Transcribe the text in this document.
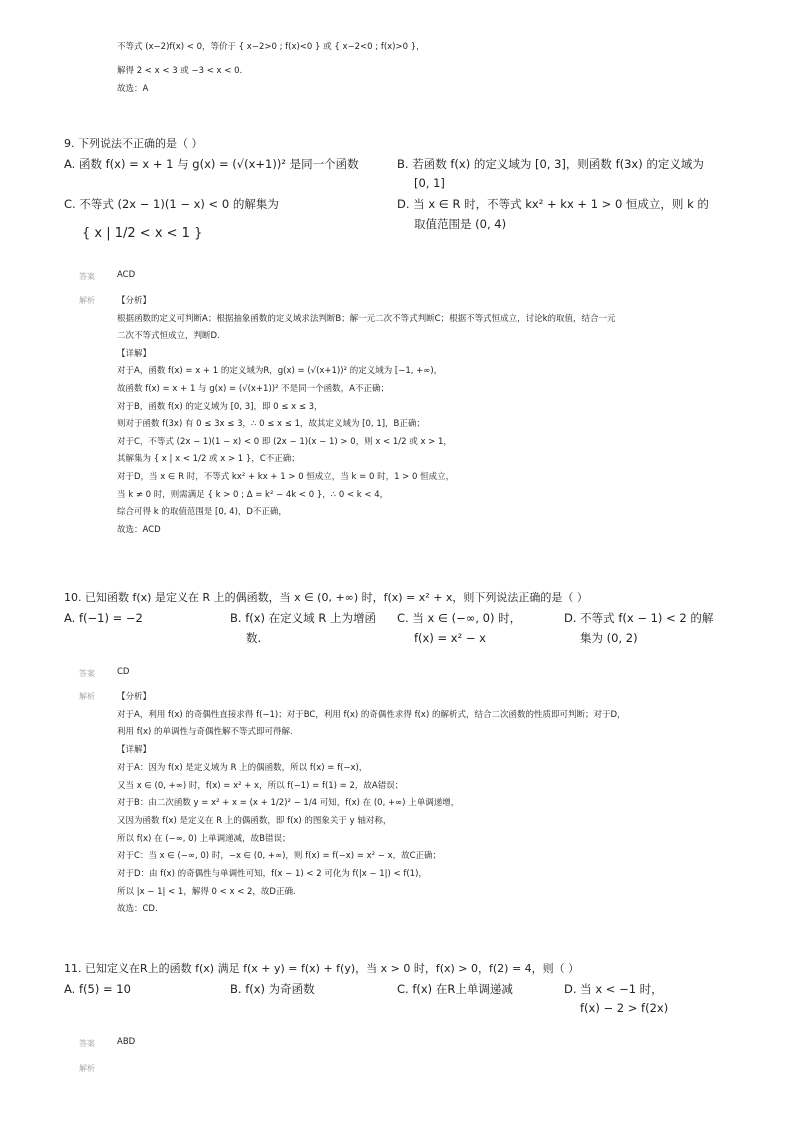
不等式 (x−2)f(x) < 0，等价于 { x−2>0 ; f(x)<0 } 或 { x−2<0 ; f(x)>0 }，
解得 2 < x < 3 或 −3 < x < 0.
故选：A
9. 下列说法不正确的是（ ）
A. 函数 f(x) = x + 1 与 g(x) = (√(x+1))² 是同一个函数	B. 若函数 f(x) 的定义域为 [0, 3]，则函数 f(3x) 的定义域为
[0, 1]
C. 不等式 (2x − 1)(1 − x) < 0 的解集为
{ x | 1/2 < x < 1 }
D. 当 x ∈ R 时，不等式 kx² + kx + 1 > 0 恒成立，则 k 的
取值范围是 (0, 4)
答案	ACD
解析	【分析】
根据函数的定义可判断A；根据抽象函数的定义域求法判断B；解一元二次不等式判断C；根据不等式恒成立，讨论k的取值，结合一元
二次不等式恒成立，判断D.
【详解】
对于A，函数 f(x) = x + 1 的定义域为R，g(x) = (√(x+1))² 的定义域为 [−1, +∞)，
故函数 f(x) = x + 1 与 g(x) = (√(x+1))² 不是同一个函数，A不正确；
对于B，函数 f(x) 的定义域为 [0, 3]，即 0 ≤ x ≤ 3，
则对于函数 f(3x) 有 0 ≤ 3x ≤ 3，∴ 0 ≤ x ≤ 1，故其定义域为 [0, 1]，B正确；
对于C，不等式 (2x − 1)(1 − x) < 0 即 (2x − 1)(x − 1) > 0，则 x < 1/2 或 x > 1，
其解集为 { x | x < 1/2 或 x > 1 }，C不正确；
对于D，当 x ∈ R 时，不等式 kx² + kx + 1 > 0 恒成立，当 k = 0 时，1 > 0 恒成立，
当 k ≠ 0 时，则需满足 { k > 0 ; Δ = k² − 4k < 0 }，∴ 0 < k < 4，
综合可得 k 的取值范围是 [0, 4)，D不正确，
故选：ACD
10. 已知函数 f(x) 是定义在 R 上的偶函数，当 x ∈ (0, +∞) 时，f(x) = x² + x，则下列说法正确的是（ ）
A. f(−1) = −2	B. f(x) 在定义域 R 上为增函
数.
C. 当 x ∈ (−∞, 0) 时，
f(x) = x² − x
D. 不等式 f(x − 1) < 2 的解
集为 (0, 2)
答案	CD
解析	【分析】
对于A，利用 f(x) 的奇偶性直接求得 f(−1)；对于BC，利用 f(x) 的奇偶性求得 f(x) 的解析式，结合二次函数的性质即可判断；对于D，
利用 f(x) 的单调性与奇偶性解不等式即可得解.
【详解】
对于A：因为 f(x) 是定义域为 R 上的偶函数，所以 f(x) = f(−x)，
又当 x ∈ (0, +∞) 时，f(x) = x² + x，所以 f(−1) = f(1) = 2，故A错误；
对于B：由二次函数 y = x² + x = (x + 1/2)² − 1/4 可知，f(x) 在 (0, +∞) 上单调递增，
又因为函数 f(x) 是定义在 R 上的偶函数，即 f(x) 的图象关于 y 轴对称，
所以 f(x) 在 (−∞, 0) 上单调递减，故B错误；
对于C：当 x ∈ (−∞, 0) 时，−x ∈ (0, +∞)，则 f(x) = f(−x) = x² − x，故C正确；
对于D：由 f(x) 的奇偶性与单调性可知，f(x − 1) < 2 可化为 f(|x − 1|) < f(1)，
所以 |x − 1| < 1，解得 0 < x < 2，故D正确.
故选：CD.
11. 已知定义在R上的函数 f(x) 满足 f(x + y) = f(x) + f(y)，当 x > 0 时，f(x) > 0，f(2) = 4，则（ ）
A. f(5) = 10	B. f(x) 为奇函数	C. f(x) 在R上单调递减	D. 当 x < −1 时，
f(x) − 2 > f(2x)
答案	ABD
解析
